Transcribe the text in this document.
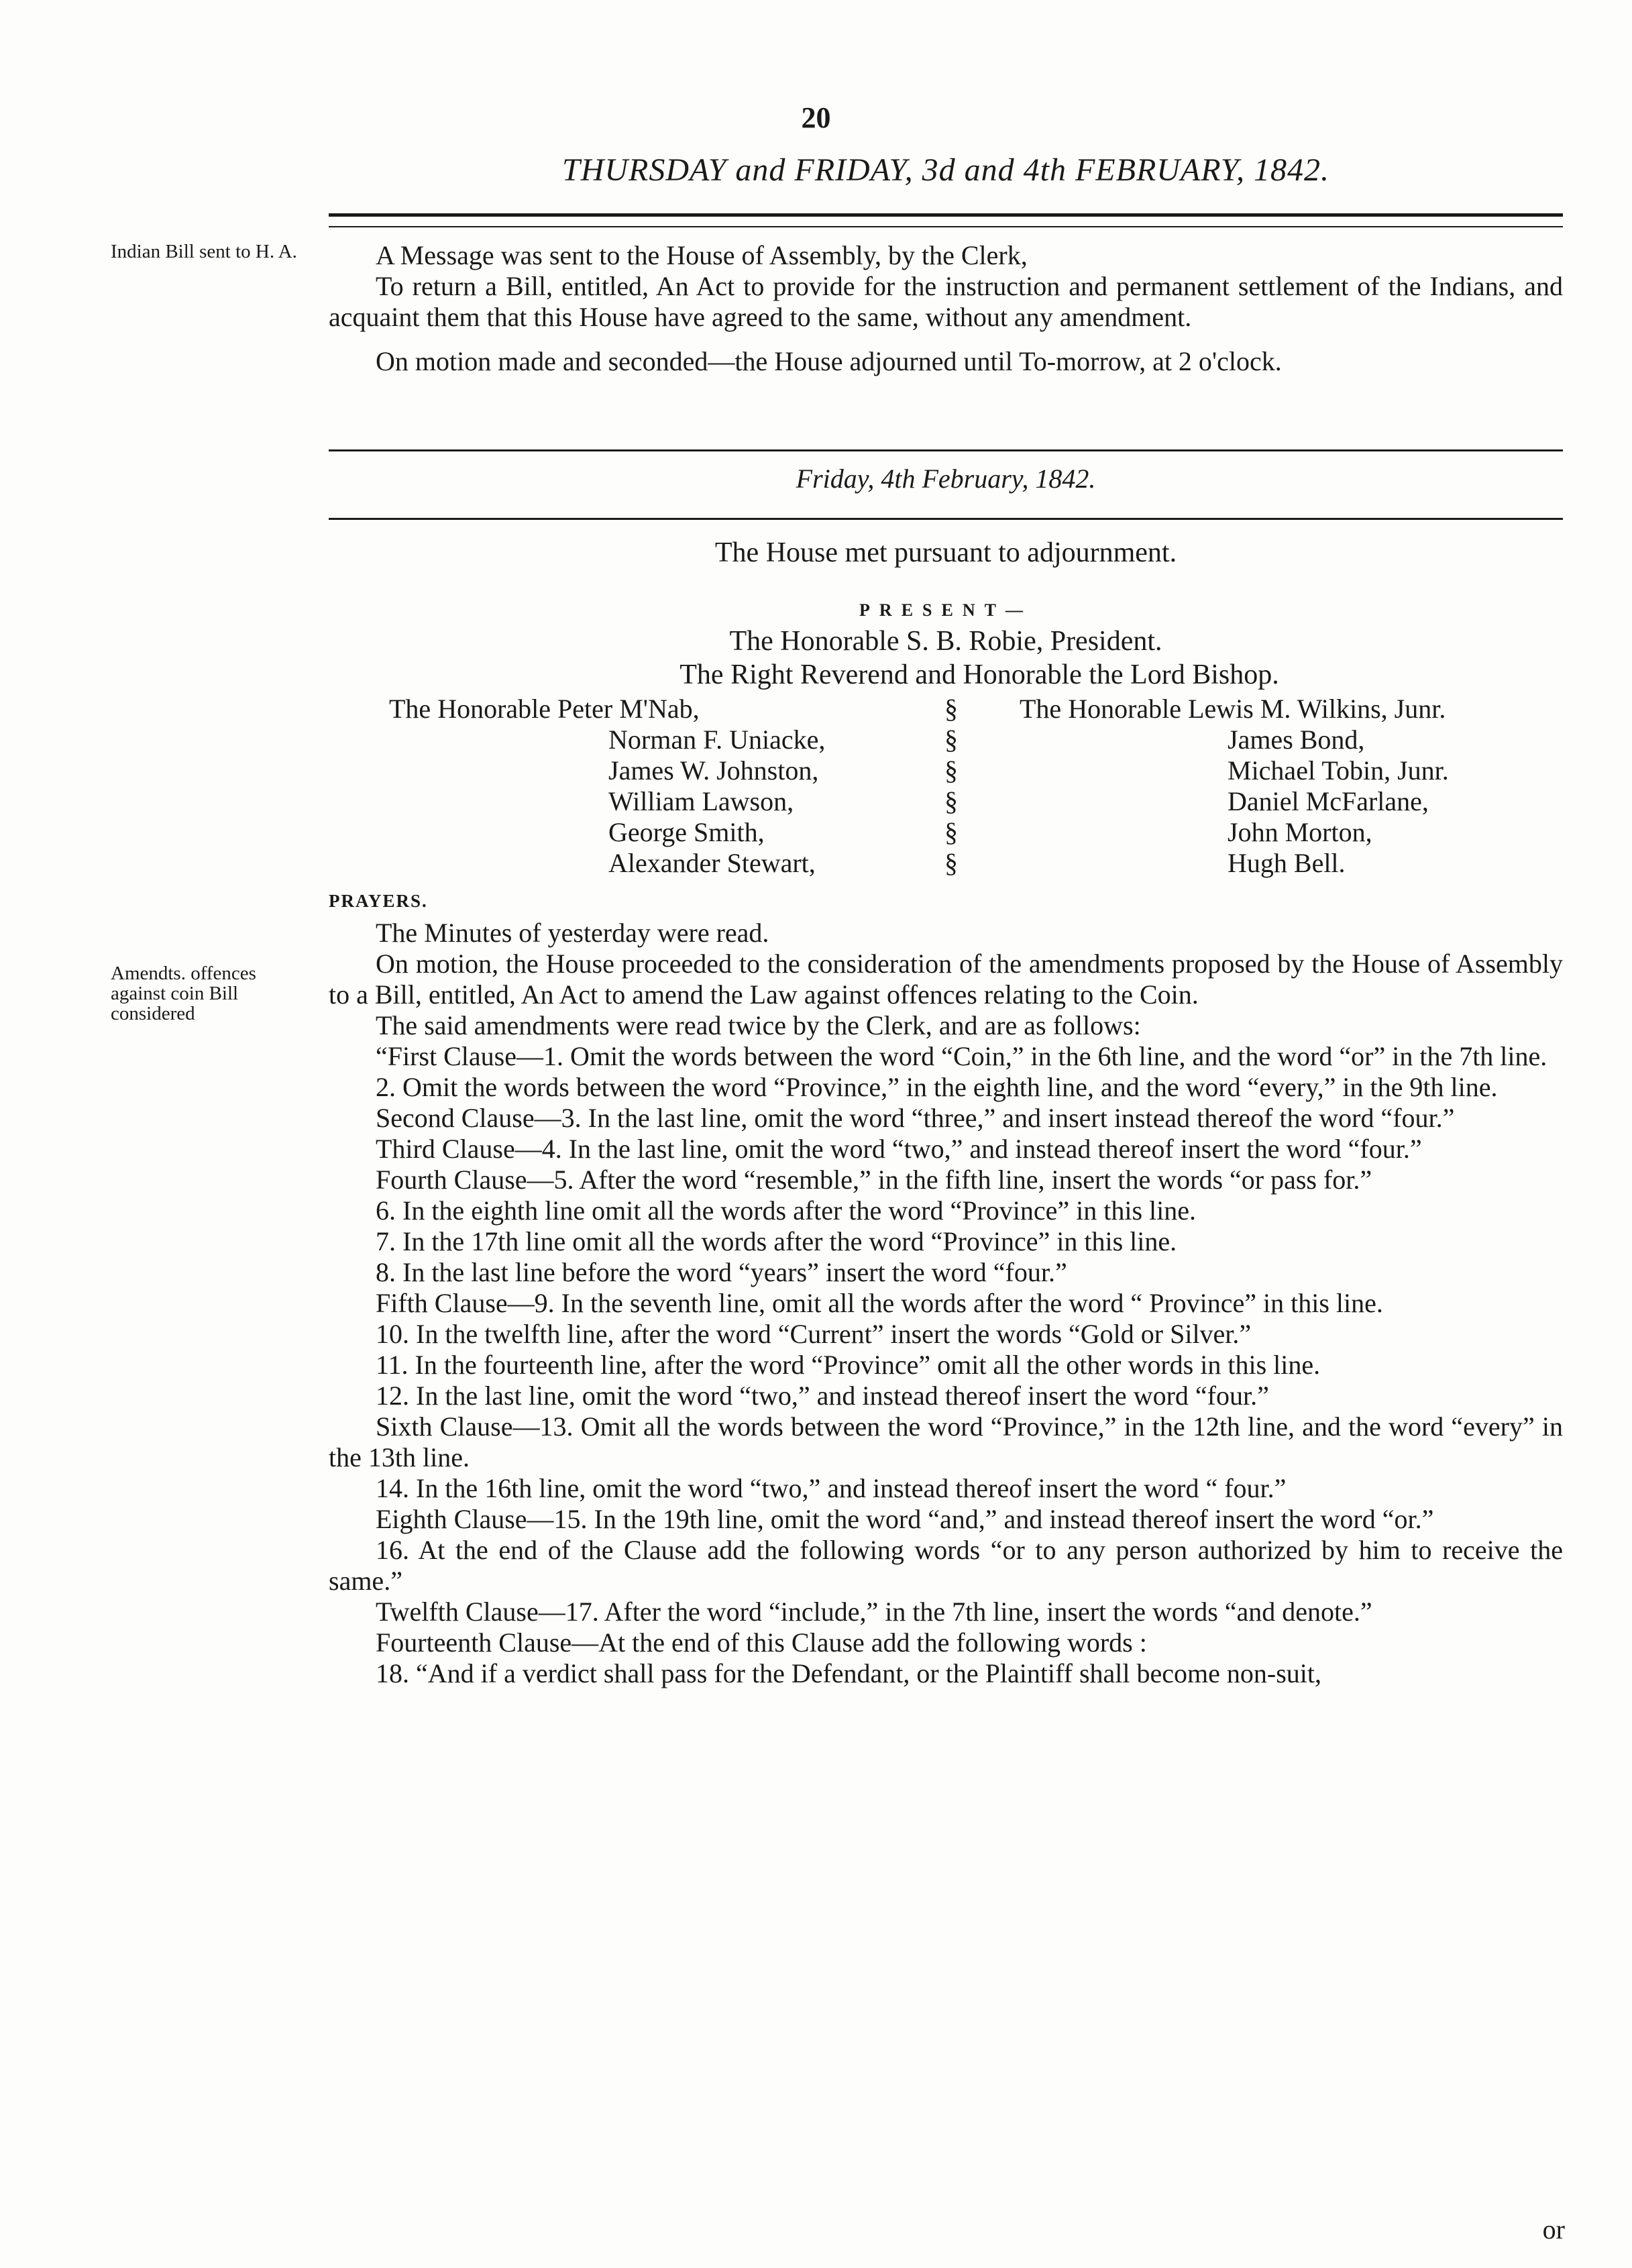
20
THURSDAY and FRIDAY, 3d and 4th FEBRUARY, 1842.
Indian Bill sent to H. A.	A Message was sent to the House of Assembly, by the Clerk,

To return a Bill, entitled, An Act to provide for the instruction and permanent settlement of the Indians, and acquaint them that this House have agreed to the same, without any amendment.

On motion made and seconded—the House adjourned until To-morrow, at 2 o'clock.

Friday, 4th February, 1842.
The House met pursuant to adjournment.
PRESENT—
The Honorable S. B. Robie, President.
The Right Reverend and Honorable the Lord Bishop.
The Honorable Peter M'Nab,
Norman F. Uniacke,
James W. Johnston,
William Lawson,
George Smith,
Alexander Stewart,
§
§
§
§
§
§
The Honorable Lewis M. Wilkins, Junr.
James Bond,
Michael Tobin, Junr.
Daniel McFarlane,
John Morton,
Hugh Bell.
PRAYERS.
Amendts. offences against coin Bill considered

The Minutes of yesterday were read.

On motion, the House proceeded to the consideration of the amendments proposed by the House of Assembly to a Bill, entitled, An Act to amend the Law against offences relating to the Coin.

The said amendments were read twice by the Clerk, and are as follows:

“First Clause—1. Omit the words between the word “Coin,” in the 6th line, and the word “or” in the 7th line.

2. Omit the words between the word “Province,” in the eighth line, and the word “every,” in the 9th line.

Second Clause—3. In the last line, omit the word “three,” and insert instead thereof the word “four.”

Third Clause—4. In the last line, omit the word “two,” and instead thereof insert the word “four.”

Fourth Clause—5. After the word “resemble,” in the fifth line, insert the words “or pass for.”

6. In the eighth line omit all the words after the word “Province” in this line.

7. In the 17th line omit all the words after the word “Province” in this line.

8. In the last line before the word “years” insert the word “four.”

Fifth Clause—9. In the seventh line, omit all the words after the word “ Province” in this line.

10. In the twelfth line, after the word “Current” insert the words “Gold or Silver.”

11. In the fourteenth line, after the word “Province” omit all the other words in this line.

12. In the last line, omit the word “two,” and instead thereof insert the word “four.”

Sixth Clause—13. Omit all the words between the word “Province,” in the 12th line, and the word “every” in the 13th line.

14. In the 16th line, omit the word “two,” and instead thereof insert the word “ four.”

Eighth Clause—15. In the 19th line, omit the word “and,” and instead thereof insert the word “or.”

16. At the end of the Clause add the following words “or to any person authorized by him to receive the same.”

Twelfth Clause—17. After the word “include,” in the 7th line, insert the words “and denote.”

Fourteenth Clause—At the end of this Clause add the following words :

18. “And if a verdict shall pass for the Defendant, or the Plaintiff shall become non-suit,

or
